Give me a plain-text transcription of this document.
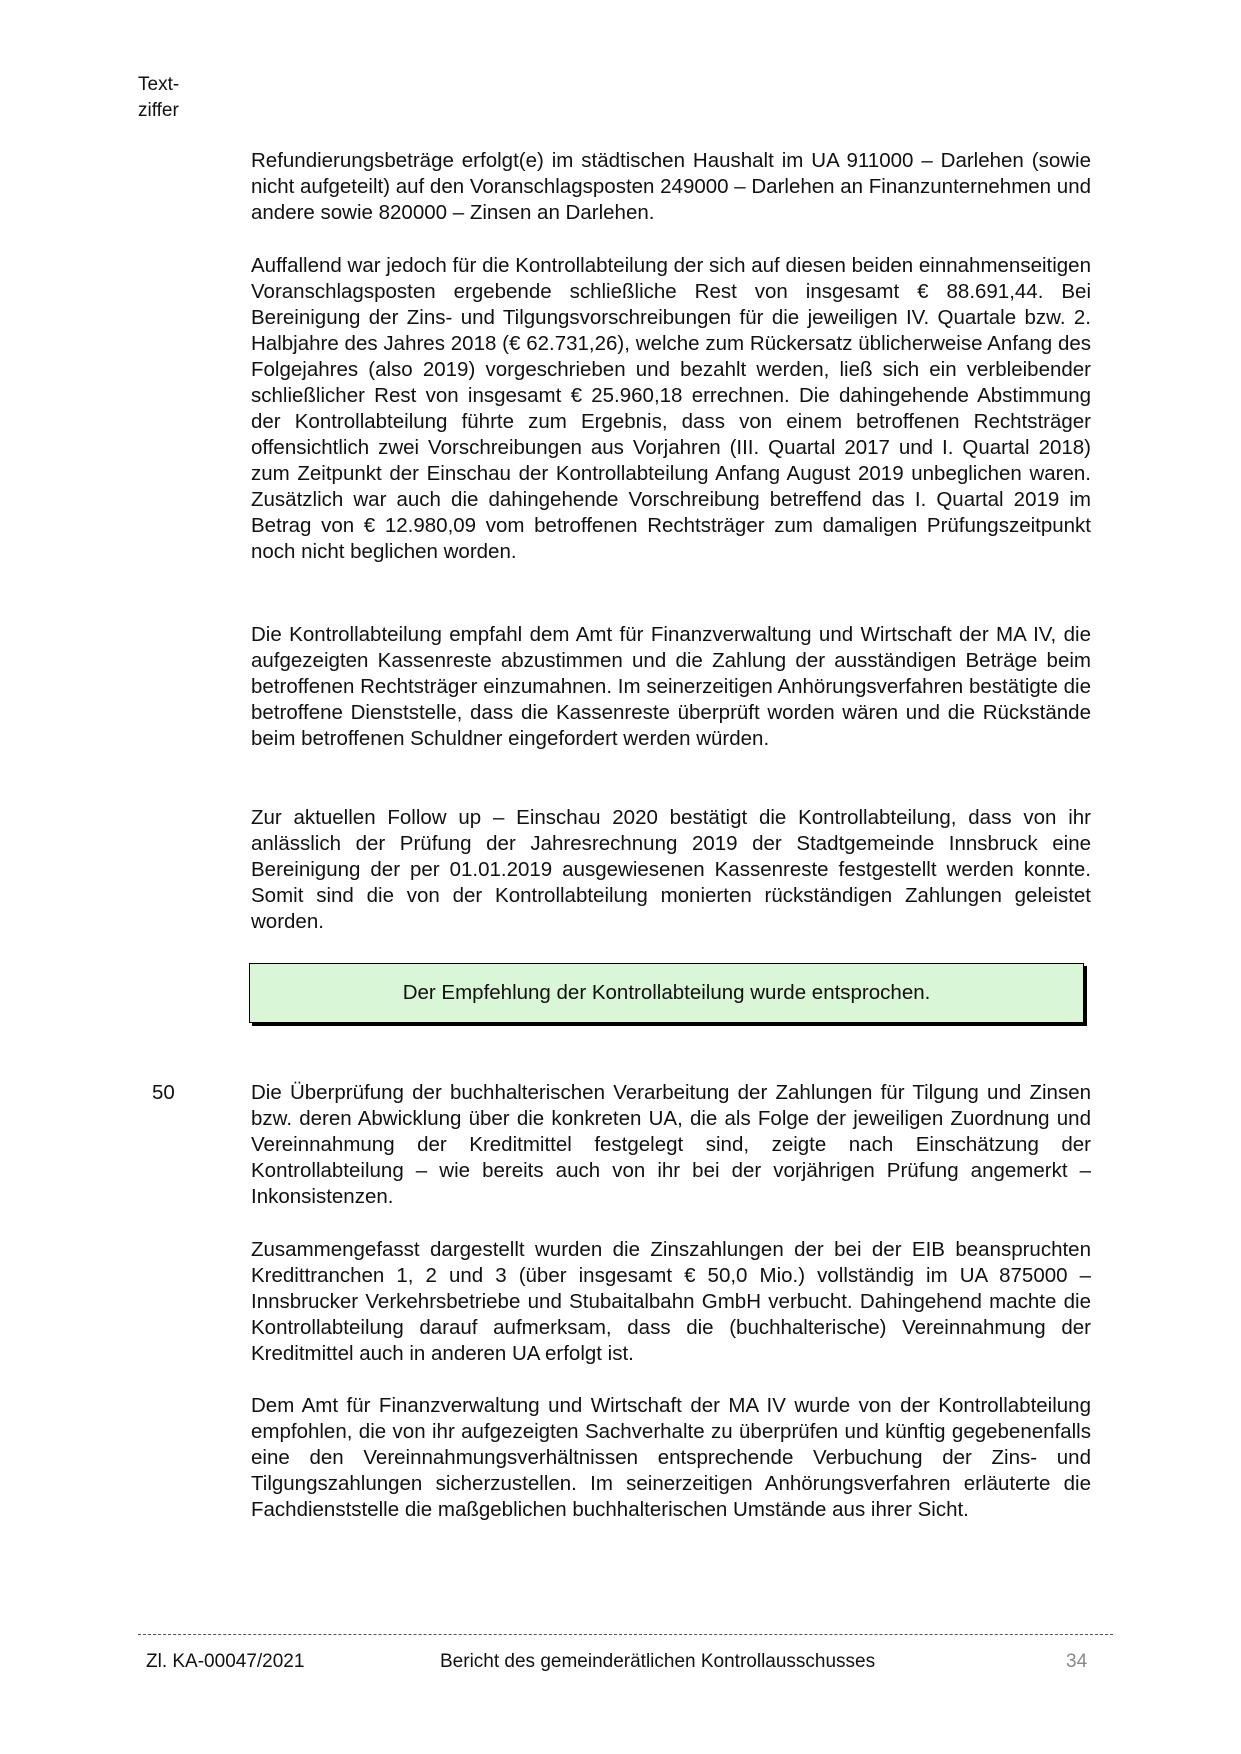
Text-
ziffer

Refundierungsbeträge erfolgt(e) im städtischen Haushalt im UA 911000 – Darlehen (sowie nicht aufgeteilt) auf den Voranschlagsposten 249000 – Darlehen an Finanzunternehmen und andere sowie 820000 – Zinsen an Darlehen.

Auffallend war jedoch für die Kontrollabteilung der sich auf diesen beiden einnahmenseitigen Voranschlagsposten ergebende schließliche Rest von insgesamt € 88.691,44. Bei Bereinigung der Zins- und Tilgungsvorschreibungen für die jeweiligen IV. Quartale bzw. 2. Halbjahre des Jahres 2018 (€ 62.731,26), welche zum Rückersatz üblicherweise Anfang des Folgejahres (also 2019) vorgeschrieben und bezahlt werden, ließ sich ein verbleibender schließlicher Rest von insgesamt € 25.960,18 errechnen. Die dahingehende Abstimmung der Kontrollabteilung führte zum Ergebnis, dass von einem betroffenen Rechtsträger offensichtlich zwei Vorschreibungen aus Vorjahren (III. Quartal 2017 und I. Quartal 2018) zum Zeitpunkt der Einschau der Kontrollabteilung Anfang August 2019 unbeglichen waren. Zusätzlich war auch die dahingehende Vorschreibung betreffend das I. Quartal 2019 im Betrag von € 12.980,09 vom betroffenen Rechtsträger zum damaligen Prüfungszeitpunkt noch nicht beglichen worden.

Die Kontrollabteilung empfahl dem Amt für Finanzverwaltung und Wirtschaft der MA IV, die aufgezeigten Kassenreste abzustimmen und die Zahlung der ausständigen Beträge beim betroffenen Rechtsträger einzumahnen. Im seinerzeitigen Anhörungsverfahren bestätigte die betroffene Dienststelle, dass die Kassenreste überprüft worden wären und die Rückstände beim betroffenen Schuldner eingefordert werden würden.

Zur aktuellen Follow up – Einschau 2020 bestätigt die Kontrollabteilung, dass von ihr anlässlich der Prüfung der Jahresrechnung 2019 der Stadtgemeinde Innsbruck eine Bereinigung der per 01.01.2019 ausgewiesenen Kassenreste festgestellt werden konnte. Somit sind die von der Kontrollabteilung monierten rückständigen Zahlungen geleistet worden.

Der Empfehlung der Kontrollabteilung wurde entsprochen.
50	Die Überprüfung der buchhalterischen Verarbeitung der Zahlungen für Tilgung und Zinsen bzw. deren Abwicklung über die konkreten UA, die als Folge der jeweiligen Zuordnung und Vereinnahmung der Kreditmittel festgelegt sind, zeigte nach Einschätzung der Kontrollabteilung – wie bereits auch von ihr bei der vorjährigen Prüfung angemerkt – Inkonsistenzen.

Zusammengefasst dargestellt wurden die Zinszahlungen der bei der EIB beanspruchten Kredittranchen 1, 2 und 3 (über insgesamt € 50,0 Mio.) vollständig im UA 875000 – Innsbrucker Verkehrsbetriebe und Stubaitalbahn GmbH verbucht. Dahingehend machte die Kontrollabteilung darauf aufmerksam, dass die (buchhalterische) Vereinnahmung der Kreditmittel auch in anderen UA erfolgt ist.

Dem Amt für Finanzverwaltung und Wirtschaft der MA IV wurde von der Kontrollabteilung empfohlen, die von ihr aufgezeigten Sachverhalte zu überprüfen und künftig gegebenenfalls eine den Vereinnahmungsverhältnissen entsprechende Verbuchung der Zins- und Tilgungszahlungen sicherzustellen. Im seinerzeitigen Anhörungsverfahren erläuterte die Fachdienststelle die maßgeblichen buchhalterischen Umstände aus ihrer Sicht.

Zl. KA-00047/2021	Bericht des gemeinderätlichen Kontrollausschusses	34
